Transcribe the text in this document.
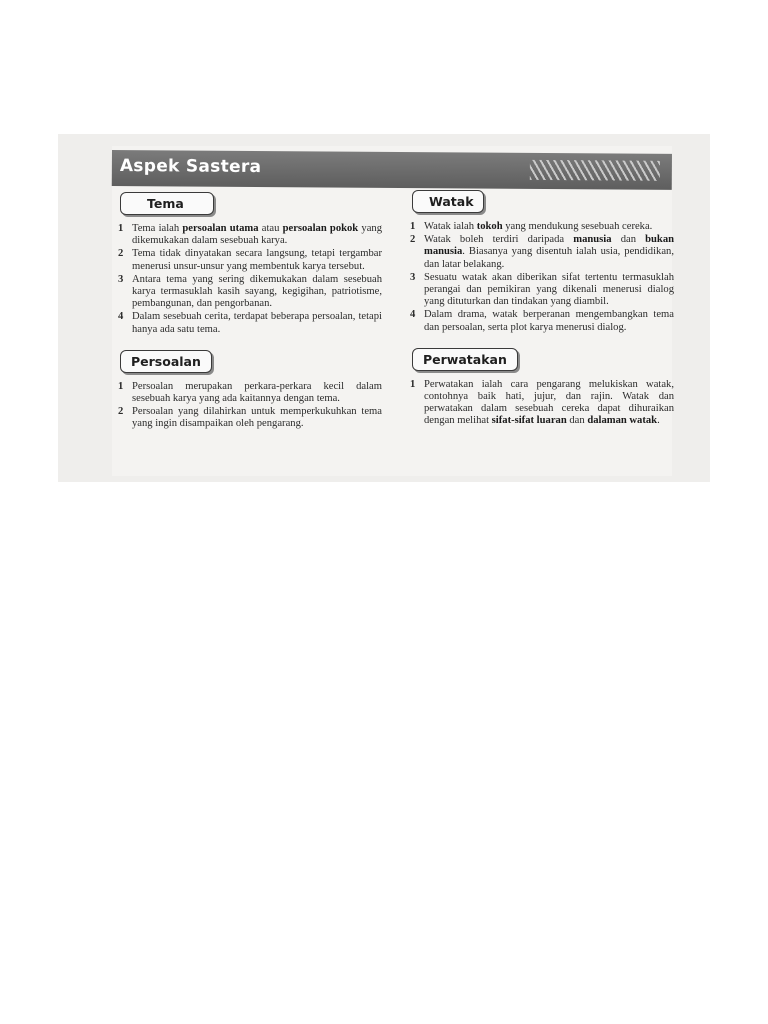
Aspek Sastera
Tema
1 Tema ialah persoalan utama atau persoalan pokok yang dikemukakan dalam sesebuah karya.
2 Tema tidak dinyatakan secara langsung, tetapi tergambar menerusi unsur-unsur yang membentuk karya tersebut.
3 Antara tema yang sering dikemukakan dalam sesebuah karya termasuklah kasih sayang, kegigihan, patriotisme, pembangunan, dan pengorbanan.
4 Dalam sesebuah cerita, terdapat beberapa persoalan, tetapi hanya ada satu tema.
Persoalan
1 Persoalan merupakan perkara-perkara kecil dalam sesebuah karya yang ada kaitannya dengan tema.
2 Persoalan yang dilahirkan untuk memperkukuhkan tema yang ingin disampaikan oleh pengarang.
Watak
1 Watak ialah tokoh yang mendukung sesebuah cereka.
2 Watak boleh terdiri daripada manusia dan bukan manusia. Biasanya yang disentuh ialah usia, pendidikan, dan latar belakang.
3 Sesuatu watak akan diberikan sifat tertentu termasuklah perangai dan pemikiran yang dikenali menerusi dialog yang dituturkan dan tindakan yang diambil.
4 Dalam drama, watak berperanan mengembangkan tema dan persoalan, serta plot karya menerusi dialog.
Perwatakan
1 Perwatakan ialah cara pengarang melukiskan watak, contohnya baik hati, jujur, dan rajin. Watak dan perwatakan dalam sesebuah cereka dapat dihuraikan dengan melihat sifat-sifat luaran dan dalaman watak.
